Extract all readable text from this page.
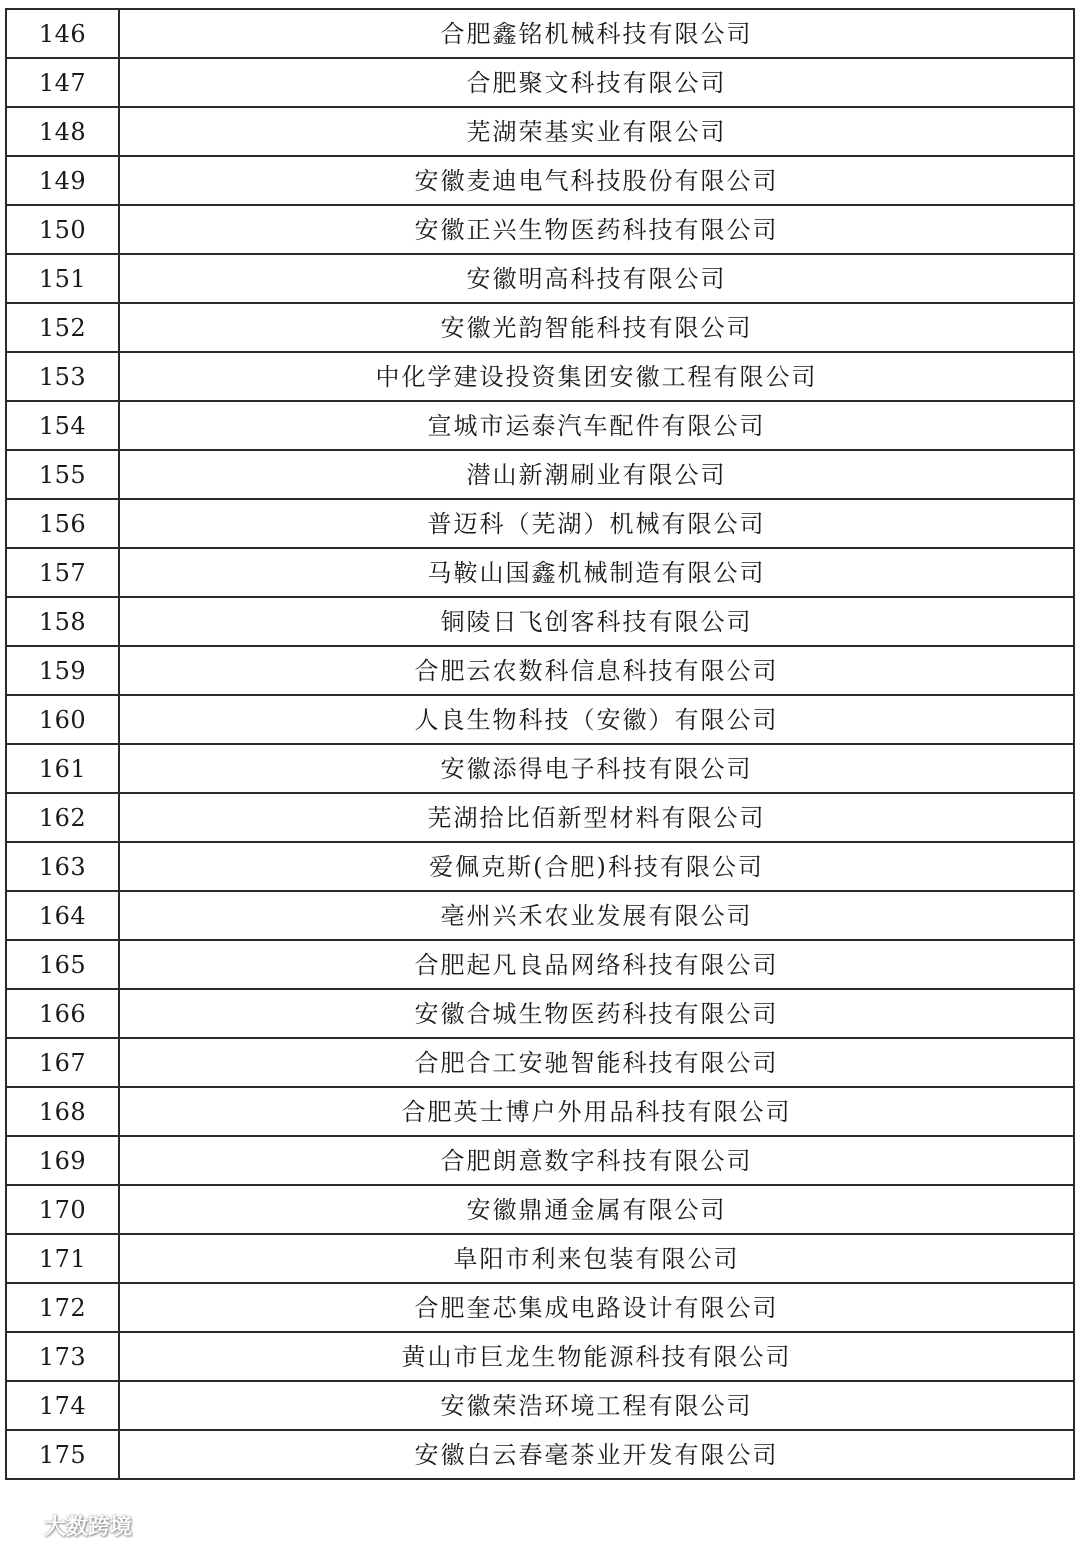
146	合肥鑫铭机械科技有限公司
147	合肥聚文科技有限公司
148	芜湖荣基实业有限公司
149	安徽麦迪电气科技股份有限公司
150	安徽正兴生物医药科技有限公司
151	安徽明高科技有限公司
152	安徽光韵智能科技有限公司
153	中化学建设投资集团安徽工程有限公司
154	宣城市运泰汽车配件有限公司
155	潜山新潮刷业有限公司
156	普迈科（芜湖）机械有限公司
157	马鞍山国鑫机械制造有限公司
158	铜陵日飞创客科技有限公司
159	合肥云农数科信息科技有限公司
160	人良生物科技（安徽）有限公司
161	安徽添得电子科技有限公司
162	芜湖拾比佰新型材料有限公司
163	爱佩克斯(合肥)科技有限公司
164	亳州兴禾农业发展有限公司
165	合肥起凡良品网络科技有限公司
166	安徽合城生物医药科技有限公司
167	合肥合工安驰智能科技有限公司
168	合肥英士博户外用品科技有限公司
169	合肥朗意数字科技有限公司
170	安徽鼎通金属有限公司
171	阜阳市利来包装有限公司
172	合肥奎芯集成电路设计有限公司
173	黄山市巨龙生物能源科技有限公司
174	安徽荣浩环境工程有限公司
175	安徽白云春毫茶业开发有限公司
大数跨境
